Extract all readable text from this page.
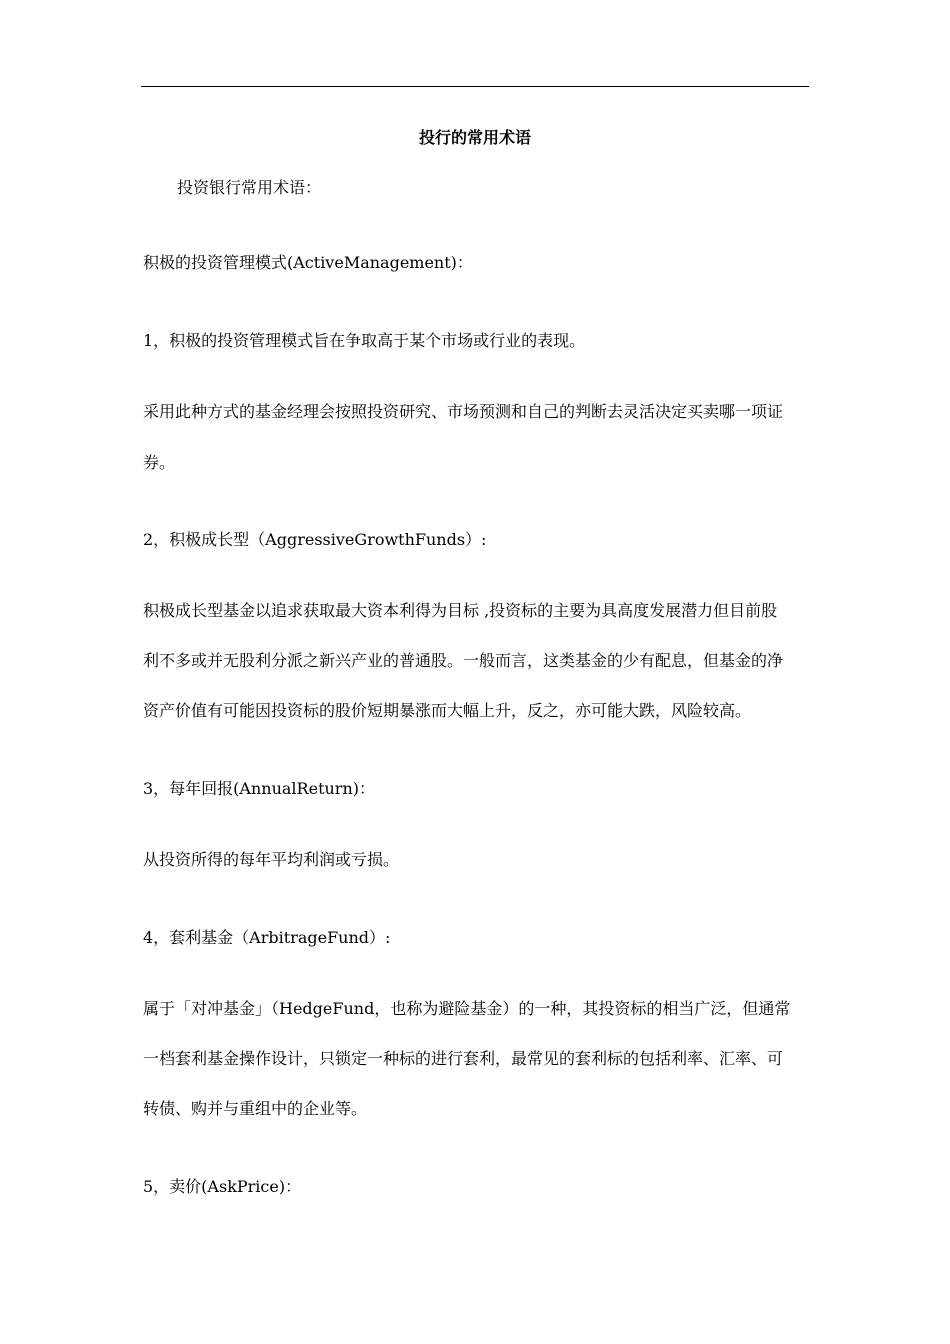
投行的常用术语
投资银行常用术语：
积极的投资管理模式(ActiveManagement)：
1，积极的投资管理模式旨在争取高于某个市场或行业的表现。
采用此种方式的基金经理会按照投资研究、市场预测和自己的判断去灵活决定买卖哪一项证
券。
2，积极成长型（AggressiveGrowthFunds）:
积极成长型基金以追求获取最大资本利得为目标 ,投资标的主要为具高度发展潜力但目前股
利不多或并无股利分派之新兴产业的普通股。一般而言，这类基金的少有配息，但基金的净
资产价值有可能因投资标的股价短期暴涨而大幅上升，反之，亦可能大跌，风险较高。
3，每年回报(AnnualReturn)：
从投资所得的每年平均利润或亏损。
4，套利基金（ArbitrageFund）:
属于「对冲基金」（HedgeFund，也称为避险基金）的一种，其投资标的相当广泛，但通常
一档套利基金操作设计，只锁定一种标的进行套利，最常见的套利标的包括利率、汇率、可
转债、购并与重组中的企业等。
5，卖价(AskPrice)：
